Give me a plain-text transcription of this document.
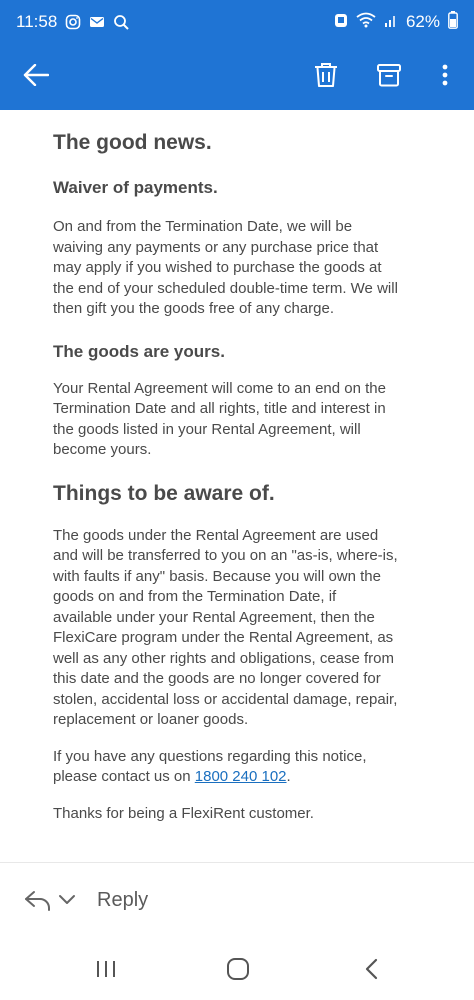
11:58	62%
The good news.
Waiver of payments.

On and from the Termination Date, we will be
waiving any payments or any purchase price that
may apply if you wished to purchase the goods at
the end of your scheduled double-time term. We will
then gift you the goods free of any charge.

The goods are yours.

Your Rental Agreement will come to an end on the
Termination Date and all rights, title and interest in
the goods listed in your Rental Agreement, will
become yours.

Things to be aware of.

The goods under the Rental Agreement are used
and will be transferred to you on an "as-is, where-is,
with faults if any" basis. Because you will own the
goods on and from the Termination Date, if
available under your Rental Agreement, then the
FlexiCare program under the Rental Agreement, as
well as any other rights and obligations, cease from
this date and the goods are no longer covered for
stolen, accidental loss or accidental damage, repair,
replacement or loaner goods.

If you have any questions regarding this notice,
please contact us on 1800 240 102.

Thanks for being a FlexiRent customer.

Reply
